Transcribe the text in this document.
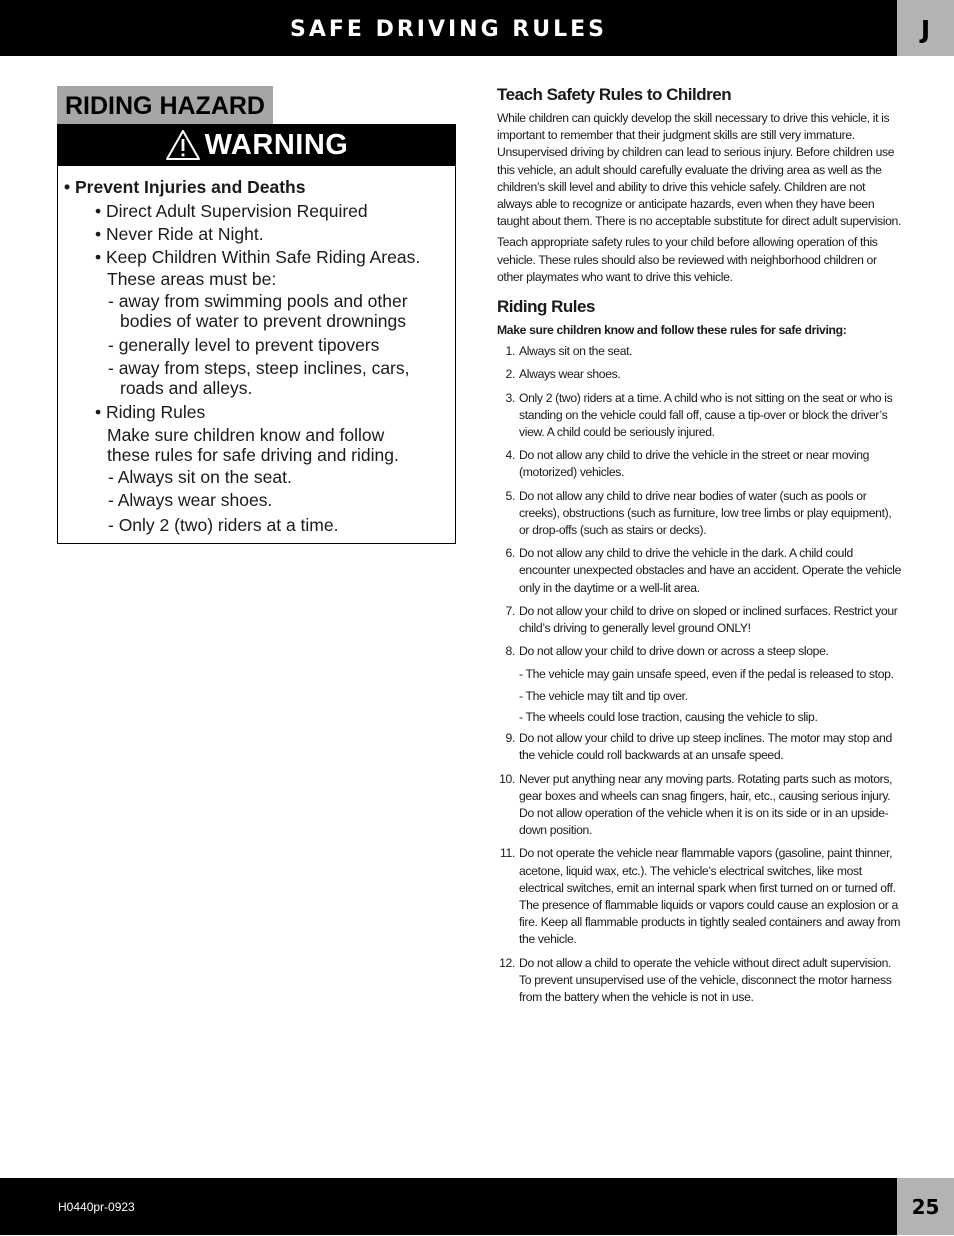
SAFE DRIVING RULES	J
RIDING HAZARD
WARNING
• Prevent Injuries and Deaths
• Direct Adult Supervision Required
• Never Ride at Night.
• Keep Children Within Safe Riding Areas.
These areas must be:
- away from swimming pools and other
bodies of water to prevent drownings
- generally level to prevent tipovers
- away from steps, steep inclines, cars,
roads and alleys.
• Riding Rules
Make sure children know and follow
these rules for safe driving and riding.
- Always sit on the seat.
- Always wear shoes.
- Only 2 (two) riders at a time.
Teach Safety Rules to Children

While children can quickly develop the skill necessary to drive this vehicle, it is important to remember that their judgment skills are still very immature. Unsupervised driving by children can lead to serious injury. Before children use this vehicle, an adult should carefully evaluate the driving area as well as the children’s skill level and ability to drive this vehicle safely. Children are not always able to recognize or anticipate hazards, even when they have been taught about them. There is no acceptable substitute for direct adult supervision.

Teach appropriate safety rules to your child before allowing operation of this vehicle. These rules should also be reviewed with neighborhood children or other playmates who want to drive this vehicle.

Riding Rules

Make sure children know and follow these rules for safe driving:

1. Always sit on the seat.
2. Always wear shoes.
3. Only 2 (two) riders at a time. A child who is not sitting on the seat or who is standing on the vehicle could fall off, cause a tip-over or block the driver’s view. A child could be seriously injured.
4. Do not allow any child to drive the vehicle in the street or near moving (motorized) vehicles.
5. Do not allow any child to drive near bodies of water (such as pools or creeks), obstructions (such as furniture, low tree limbs or play equipment), or drop-offs (such as stairs or decks).
6. Do not allow any child to drive the vehicle in the dark. A child could encounter unexpected obstacles and have an accident. Operate the vehicle only in the daytime or a well-lit area.
7. Do not allow your child to drive on sloped or inclined surfaces. Restrict your child’s driving to generally level ground ONLY!
8. Do not allow your child to drive down or across a steep slope.
- The vehicle may gain unsafe speed, even if the pedal is released to stop.
- The vehicle may tilt and tip over.
- The wheels could lose traction, causing the vehicle to slip.
9. Do not allow your child to drive up steep inclines. The motor may stop and the vehicle could roll backwards at an unsafe speed.
10. Never put anything near any moving parts. Rotating parts such as motors, gear boxes and wheels can snag fingers, hair, etc., causing serious injury. Do not allow operation of the vehicle when it is on its side or in an upside-down position.
11. Do not operate the vehicle near flammable vapors (gasoline, paint thinner, acetone, liquid wax, etc.). The vehicle’s electrical switches, like most electrical switches, emit an internal spark when first turned on or turned off. The presence of flammable liquids or vapors could cause an explosion or a fire. Keep all flammable products in tightly sealed containers and away from the vehicle.
12. Do not allow a child to operate the vehicle without direct adult supervision. To prevent unsupervised use of the vehicle, disconnect the motor harness from the battery when the vehicle is not in use.
H0440pr-0923	25
